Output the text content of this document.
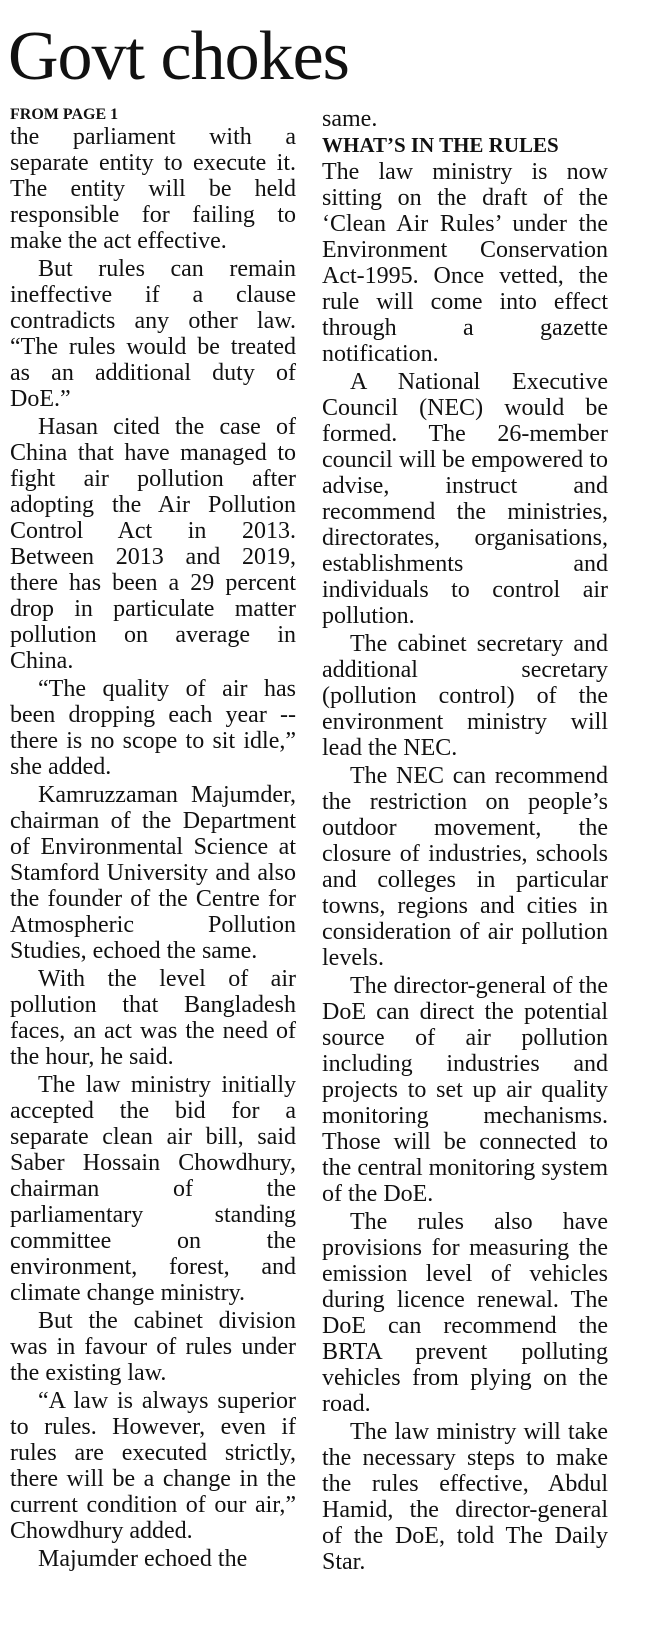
Govt chokes
FROM PAGE 1

the parliament with a separate entity to execute it. The entity will be held responsible for failing to make the act effective.

But rules can remain ineffective if a clause contradicts any other law. “The rules would be treated as an additional duty of DoE.”

Hasan cited the case of China that have managed to fight air pollution after adopting the Air Pollution Control Act in 2013. Between 2013 and 2019, there has been a 29 percent drop in particulate matter pollution on average in China.

“The quality of air has been dropping each year -- there is no scope to sit idle,” she added.

Kamruzzaman Majumder, chairman of the Department of Environmental Science at Stamford University and also the founder of the Centre for Atmospheric Pollution Studies, echoed the same.

With the level of air pollution that Bangladesh faces, an act was the need of the hour, he said.

The law ministry initially accepted the bid for a separate clean air bill, said Saber Hossain Chowdhury, chairman of the parliamentary standing committee on the environment, forest, and climate change ministry.

But the cabinet division was in favour of rules under the existing law.

“A law is always superior to rules. However, even if rules are executed strictly, there will be a change in the current condition of our air,” Chowdhury added.

Majumder echoed the

same.

WHAT’S IN THE RULES

The law ministry is now sitting on the draft of the ‘Clean Air Rules’ under the Environment Conservation Act-1995. Once vetted, the rule will come into effect through a gazette notification.

A National Executive Council (NEC) would be formed. The 26-member council will be empowered to advise, instruct and recommend the ministries, directorates, organisations, establishments and individuals to control air pollution.

The cabinet secretary and additional secretary (pollution control) of the environment ministry will lead the NEC.

The NEC can recommend the restriction on people’s outdoor movement, the closure of industries, schools and colleges in particular towns, regions and cities in consideration of air pollution levels.

The director-general of the DoE can direct the potential source of air pollution including industries and projects to set up air quality monitoring mechanisms. Those will be connected to the central monitoring system of the DoE.

The rules also have provisions for measuring the emission level of vehicles during licence renewal. The DoE can recommend the BRTA prevent polluting vehicles from plying on the road.

The law ministry will take the necessary steps to make the rules effective, Abdul Hamid, the director-general of the DoE, told The Daily Star.
